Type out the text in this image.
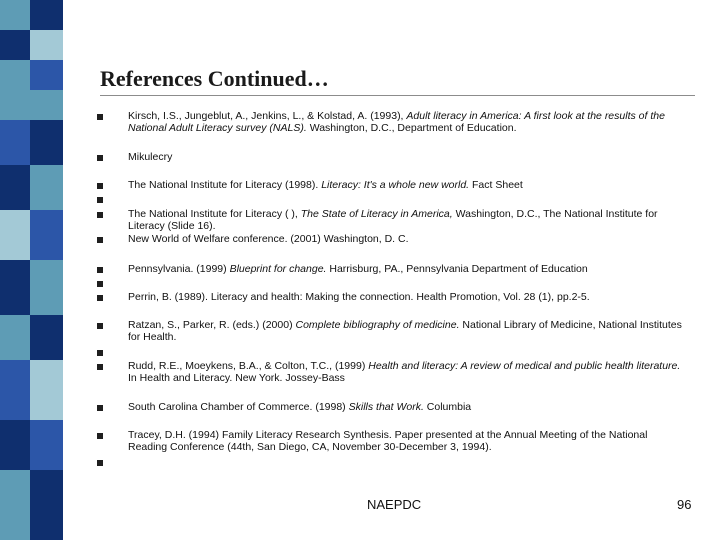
References Continued…
Kirsch, I.S., Jungeblut, A., Jenkins, L., & Kolstad, A. (1993), Adult literacy in America: A first look at the results of the National Adult Literacy survey (NALS). Washington, D.C., Department of Education.
Mikulecry
The National Institute for Literacy (1998). Literacy: It's a whole new world. Fact Sheet
The National Institute for Literacy ( ), The State of Literacy in America, Washington, D.C., The National Institute for Literacy (Slide 16).
New World of Welfare conference. (2001) Washington, D. C.
Pennsylvania. (1999) Blueprint for change. Harrisburg, PA., Pennsylvania Department of Education
Perrin, B. (1989). Literacy and health: Making the connection. Health Promotion, Vol. 28 (1), pp.2-5.
Ratzan, S., Parker, R. (eds.) (2000) Complete bibliography of medicine. National Library of Medicine, National Institutes for Health.
Rudd, R.E., Moeykens, B.A., & Colton, T.C., (1999) Health and literacy: A review of medical and public health literature. In Health and Literacy. New York. Jossey-Bass
South Carolina Chamber of Commerce. (1998) Skills that Work. Columbia
Tracey, D.H. (1994) Family Literacy Research Synthesis. Paper presented at the Annual Meeting of the National Reading Conference (44th, San Diego, CA, November 30-December 3, 1994).
NAEPDC	96
